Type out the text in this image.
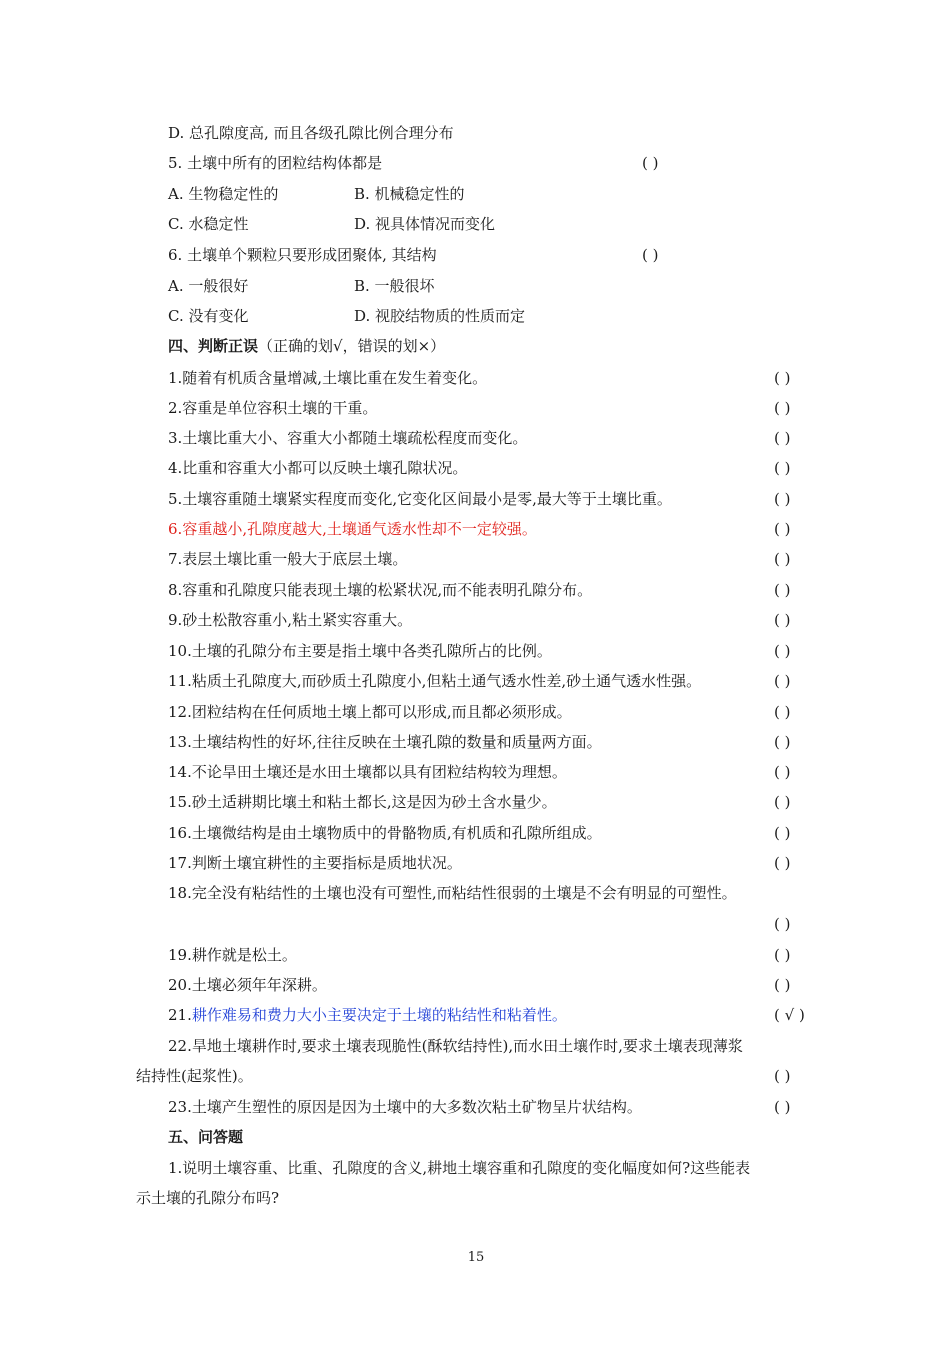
D. 总孔隙度高, 而且各级孔隙比例合理分布
5. 土壤中所有的团粒结构体都是	( )
A. 生物稳定性的	B. 机械稳定性的
C. 水稳定性	D. 视具体情况而变化
6. 土壤单个颗粒只要形成团聚体, 其结构	( )
A. 一般很好	B. 一般很坏
C. 没有变化	D. 视胶结物质的性质而定
四、判断正误（正确的划√，错误的划×）
1.随着有机质含量增减,土壤比重在发生着变化。	( )
2.容重是单位容积土壤的干重。	( )
3.土壤比重大小、容重大小都随土壤疏松程度而变化。	( )
4.比重和容重大小都可以反映土壤孔隙状况。	( )
5.土壤容重随土壤紧实程度而变化,它变化区间最小是零,最大等于土壤比重。	( )
6.容重越小,孔隙度越大,土壤通气透水性却不一定较强。	( )
7.表层土壤比重一般大于底层土壤。	( )
8.容重和孔隙度只能表现土壤的松紧状况,而不能表明孔隙分布。	( )
9.砂土松散容重小,粘土紧实容重大。	( )
10.土壤的孔隙分布主要是指土壤中各类孔隙所占的比例。	( )
11.粘质土孔隙度大,而砂质土孔隙度小,但粘土通气透水性差,砂土通气透水性强。	( )
12.团粒结构在任何质地土壤上都可以形成,而且都必须形成。	( )
13.土壤结构性的好坏,往往反映在土壤孔隙的数量和质量两方面。	( )
14.不论旱田土壤还是水田土壤都以具有团粒结构较为理想。	( )
15.砂土适耕期比壤土和粘土都长,这是因为砂土含水量少。	( )
16.土壤微结构是由土壤物质中的骨骼物质,有机质和孔隙所组成。	( )
17.判断土壤宜耕性的主要指标是质地状况。	( )
18.完全没有粘结性的土壤也没有可塑性,而粘结性很弱的土壤是不会有明显的可塑性。
( )
19.耕作就是松土。	( )
20.土壤必须年年深耕。	( )
21.耕作难易和费力大小主要决定于土壤的粘结性和粘着性。	( √ )
22.旱地土壤耕作时,要求土壤表现脆性(酥软结持性),而水田土壤作时,要求土壤表现薄浆
结持性(起浆性)。	( )
23.土壤产生塑性的原因是因为土壤中的大多数次粘土矿物呈片状结构。	( )
五、问答题
1.说明土壤容重、比重、孔隙度的含义,耕地土壤容重和孔隙度的变化幅度如何?这些能表
示土壤的孔隙分布吗?
15
